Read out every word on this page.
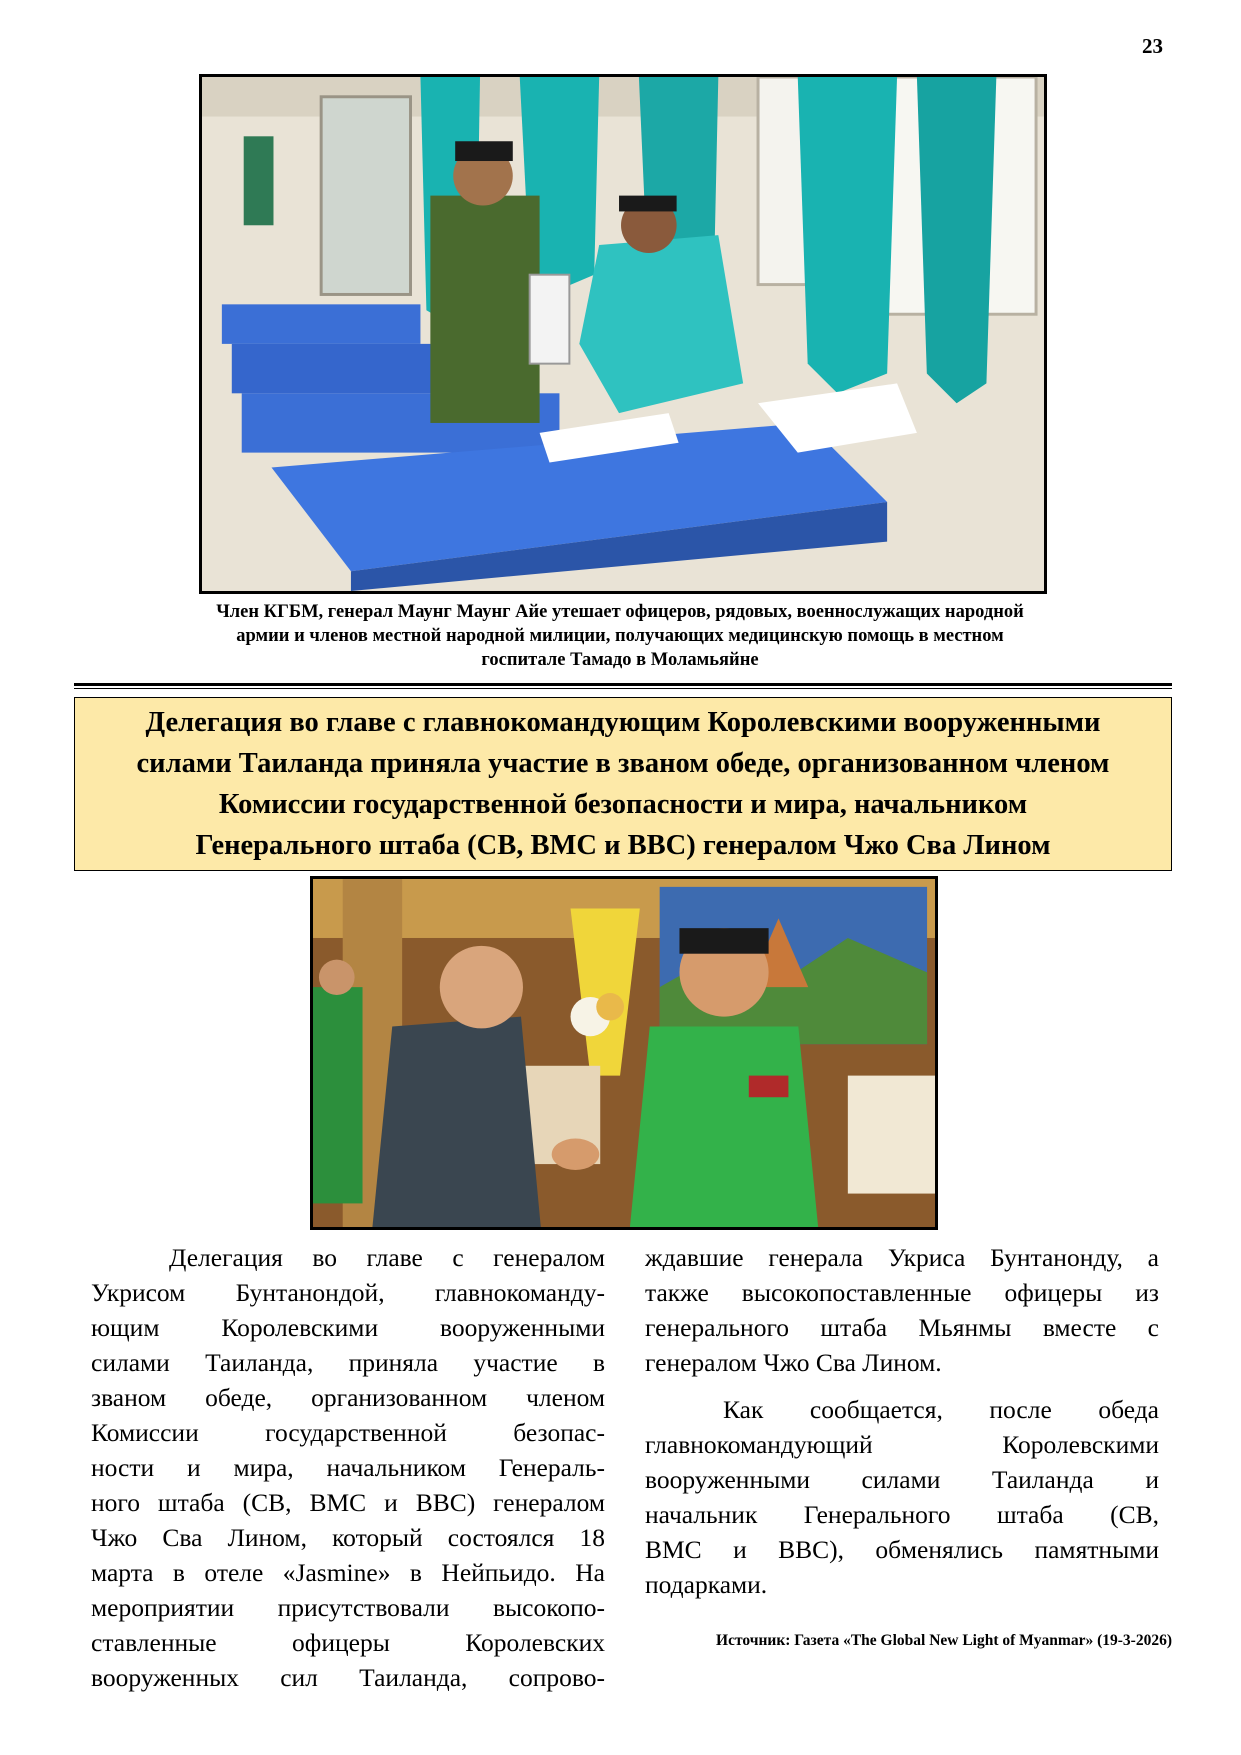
23
Член КГБМ, генерал Маунг Маунг Айе утешает офицеров, рядовых, военнослужащих народной
армии и членов местной народной милиции, получающих медицинскую помощь в местном
госпитале Тамадо в Моламьяйне
Делегация во главе с главнокомандующим Королевскими вооруженными
силами Таиланда приняла участие в званом обеде, организованном членом
Комиссии государственной безопасности и мира, начальником
Генерального штаба (СВ, ВМС и ВВС) генералом Чжо Сва Лином
Делегация во главе с генералом
Укрисом Бунтанондой, главнокоманду-
ющим Королевскими вооруженными
силами Таиланда, приняла участие в
званом обеде, организованном членом
Комиссии государственной безопас-
ности и мира, начальником Генераль-
ного штаба (СВ, ВМС и ВВС) генералом
Чжо Сва Лином, который состоялся 18
марта в отеле «Jasmine» в Нейпьидо. На
мероприятии присутствовали высокопо-
ставленные офицеры Королевских
вооруженных сил Таиланда, сопрово-
ждавшие генерала Укриса Бунтанонду, а
также высокопоставленные офицеры из
генерального штаба Мьянмы вместе с
генералом Чжо Сва Лином.
Как сообщается, после обеда
главнокомандующий Королевскими
вооруженными силами Таиланда и
начальник Генерального штаба (СВ,
ВМС и ВВС), обменялись памятными
подарками.
Источник: Газета «The Global New Light of Myanmar» (19-3-2026)
